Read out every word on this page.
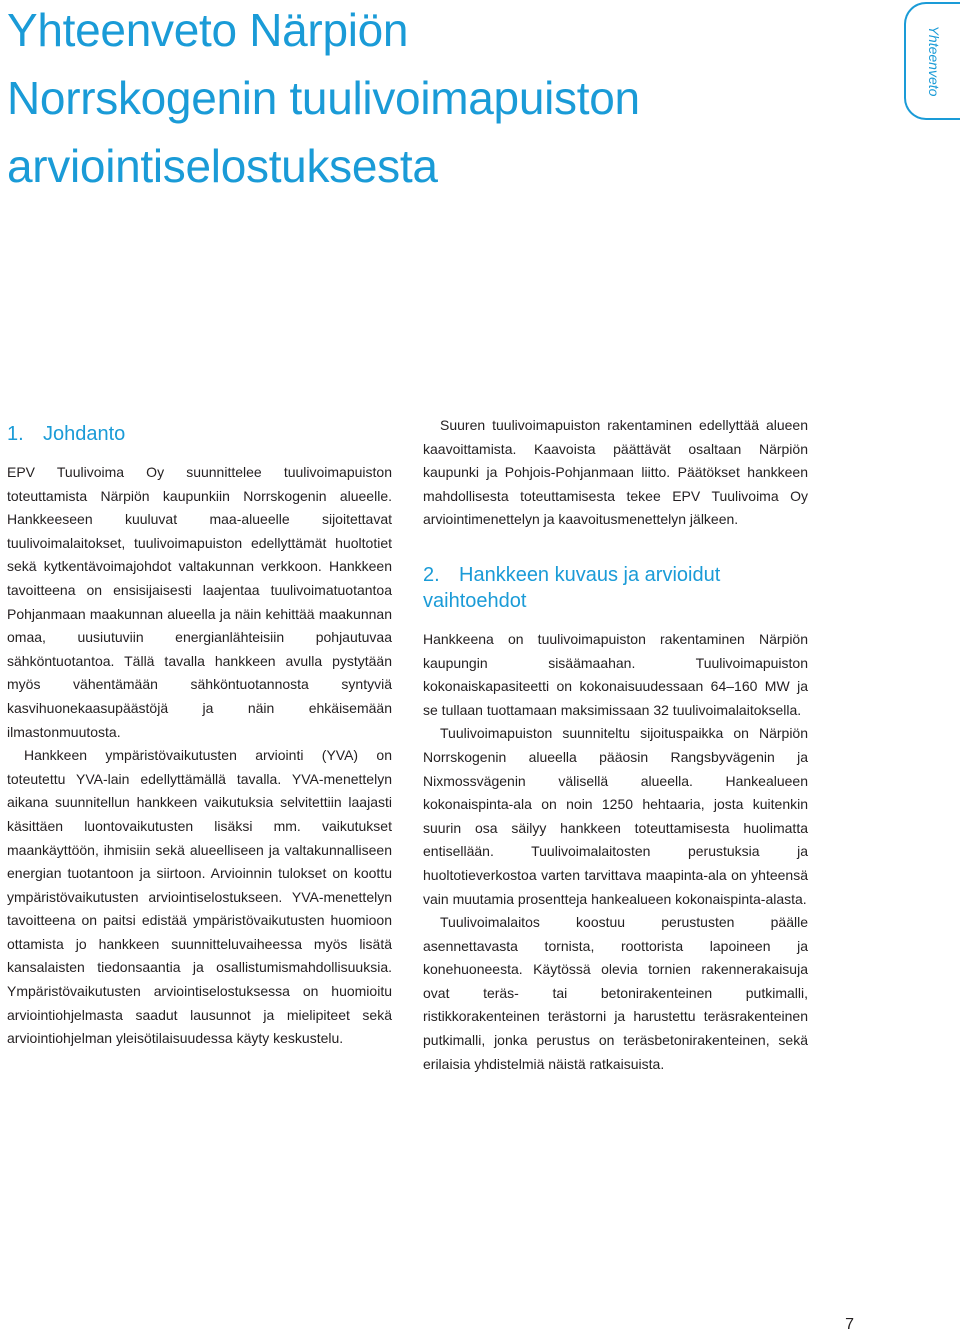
Yhteenveto Närpiön
Norrskogenin tuulivoimapuiston
arviointiselostuksesta
Yhteenveto
1. Johdanto

EPV Tuulivoima Oy suunnittelee tuulivoimapuiston toteuttamista Närpiön kaupunkiin Norrskogenin alueelle. Hankkeeseen kuuluvat maa-alueelle sijoitettavat tuulivoimalaitokset, tuulivoimapuiston edellyttämät huoltotiet sekä kytkentävoimajohdot valtakunnan verkkoon. Hankkeen tavoitteena on ensisijaisesti laajentaa tuulivoimatuotantoa Pohjanmaan maakunnan alueella ja näin kehittää maakunnan omaa, uusiutuviin energianlähteisiin pohjautuvaa sähköntuotantoa. Tällä tavalla hankkeen avulla pystytään myös vähentämään sähköntuotannosta syntyviä kasvihuonekaasupäästöjä ja näin ehkäisemään ilmastonmuutosta.

Hankkeen ympäristövaikutusten arviointi (YVA) on toteutettu YVA-lain edellyttämällä tavalla. YVA-menettelyn aikana suunnitellun hankkeen vaikutuksia selvitettiin laajasti käsittäen luontovaikutusten lisäksi mm. vaikutukset maankäyttöön, ihmisiin sekä alueelliseen ja valtakunnalliseen energian tuotantoon ja siirtoon. Arvioinnin tulokset on koottu ympäristövaikutusten arviointiselostukseen. YVA-menettelyn tavoitteena on paitsi edistää ympäristövaikutusten huomioon ottamista jo hankkeen suunnitteluvaiheessa myös lisätä kansalaisten tiedonsaantia ja osallistumismahdollisuuksia. Ympäristövaikutusten arviointiselostuksessa on huomioitu arviointiohjelmasta saadut lausunnot ja mielipiteet sekä arviointiohjelman yleisötilaisuudessa käyty keskustelu.

Suuren tuulivoimapuiston rakentaminen edellyttää alueen kaavoittamista. Kaavoista päättävät osaltaan Närpiön kaupunki ja Pohjois-Pohjanmaan liitto. Päätökset hankkeen mahdollisesta toteuttamisesta tekee EPV Tuulivoima Oy arviointimenettelyn ja kaavoitusmenettelyn jälkeen.

2. Hankkeen kuvaus ja arvioidut
vaihtoehdot

Hankkeena on tuulivoimapuiston rakentaminen Närpiön kaupungin sisäämaahan. Tuulivoimapuiston kokonaiskapasiteetti on kokonaisuudessaan 64–160 MW ja se tullaan tuottamaan maksimissaan 32 tuulivoimalaitoksella.

Tuulivoimapuiston suunniteltu sijoituspaikka on Närpiön Norrskogenin alueella pääosin Rangsbyvägenin ja Nixmossvägenin välisellä alueella. Hankealueen kokonaispinta-ala on noin 1250 hehtaaria, josta kuitenkin suurin osa säilyy hankkeen toteuttamisesta huolimatta entisellään. Tuulivoimalaitosten perustuksia ja huoltotieverkostoa varten tarvittava maapinta-ala on yhteensä vain muutamia prosentteja hankealueen kokonaispinta-alasta.

Tuulivoimalaitos koostuu perustusten päälle asennettavasta tornista, roottorista lapoineen ja konehuoneesta. Käytössä olevia tornien rakennerakaisuja ovat teräs- tai betonirakenteinen putkimalli, ristikkorakenteinen terästorni ja harustettu teräsrakenteinen putkimalli, jonka perustus on teräsbetonirakenteinen, sekä erilaisia yhdistelmiä näistä ratkaisuista.

7
